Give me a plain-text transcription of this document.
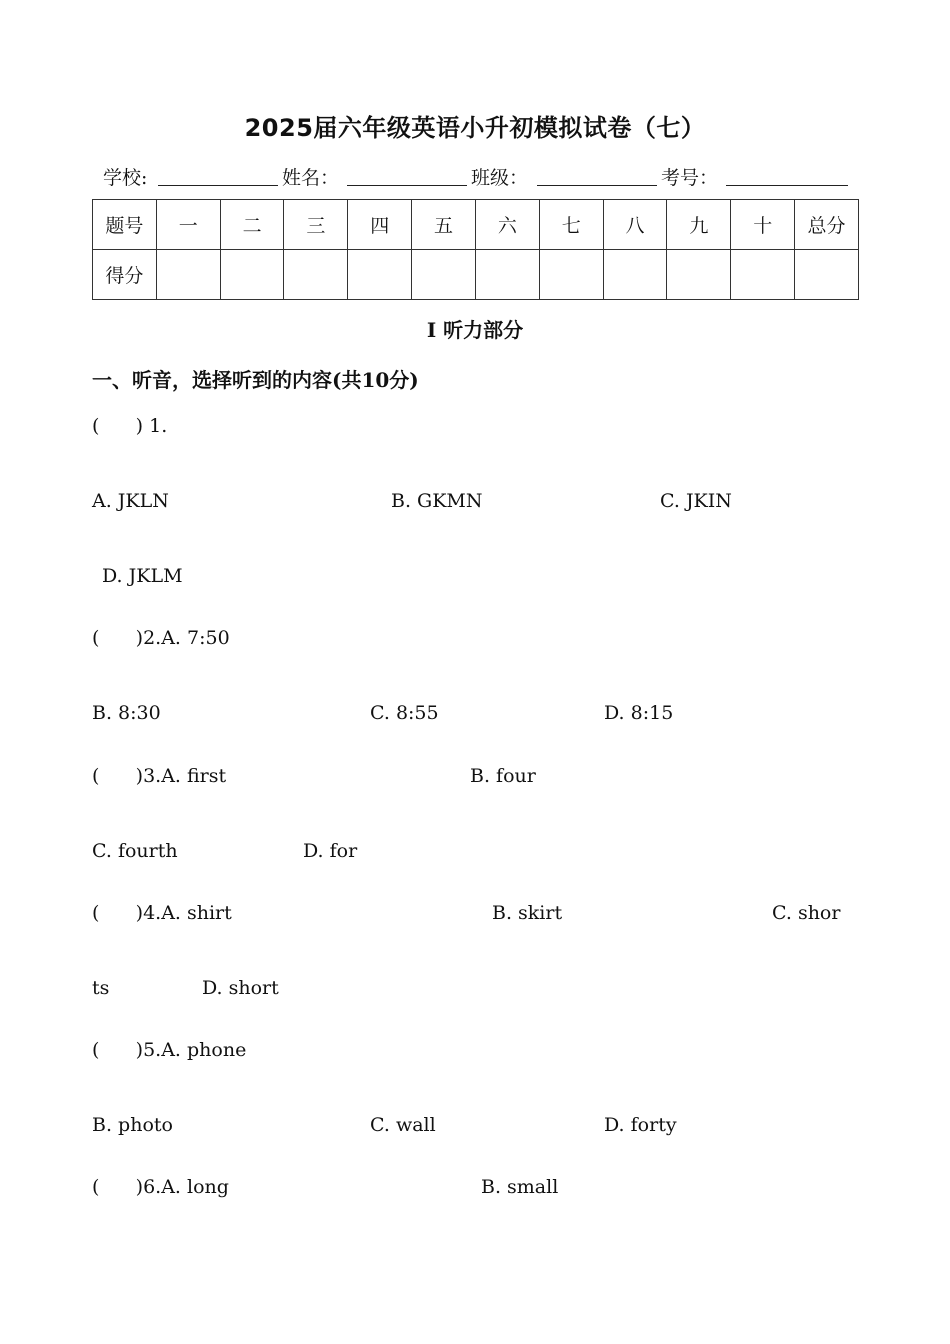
2025届六年级英语小升初模拟试卷（七）
学校:	姓名：	班级：	考号：
题号	一	二	三	四	五	六	七	八	九	十	总分
得分											
I 听力部分
一、听音，选择听到的内容(共10分)
(      ) 1.
A. JKLN	B. GKMN	C. JKIN
D. JKLM
(      )2.A. 7:50
B. 8:30	C. 8:55	D. 8:15
(      )3.A. first	B. four
C. fourth	D. for
(      )4.A. shirt	B. skirt	C. shor
ts	D. short
(      )5.A. phone
B. photo	C. wall	D. forty
(      )6.A. long	B. small
